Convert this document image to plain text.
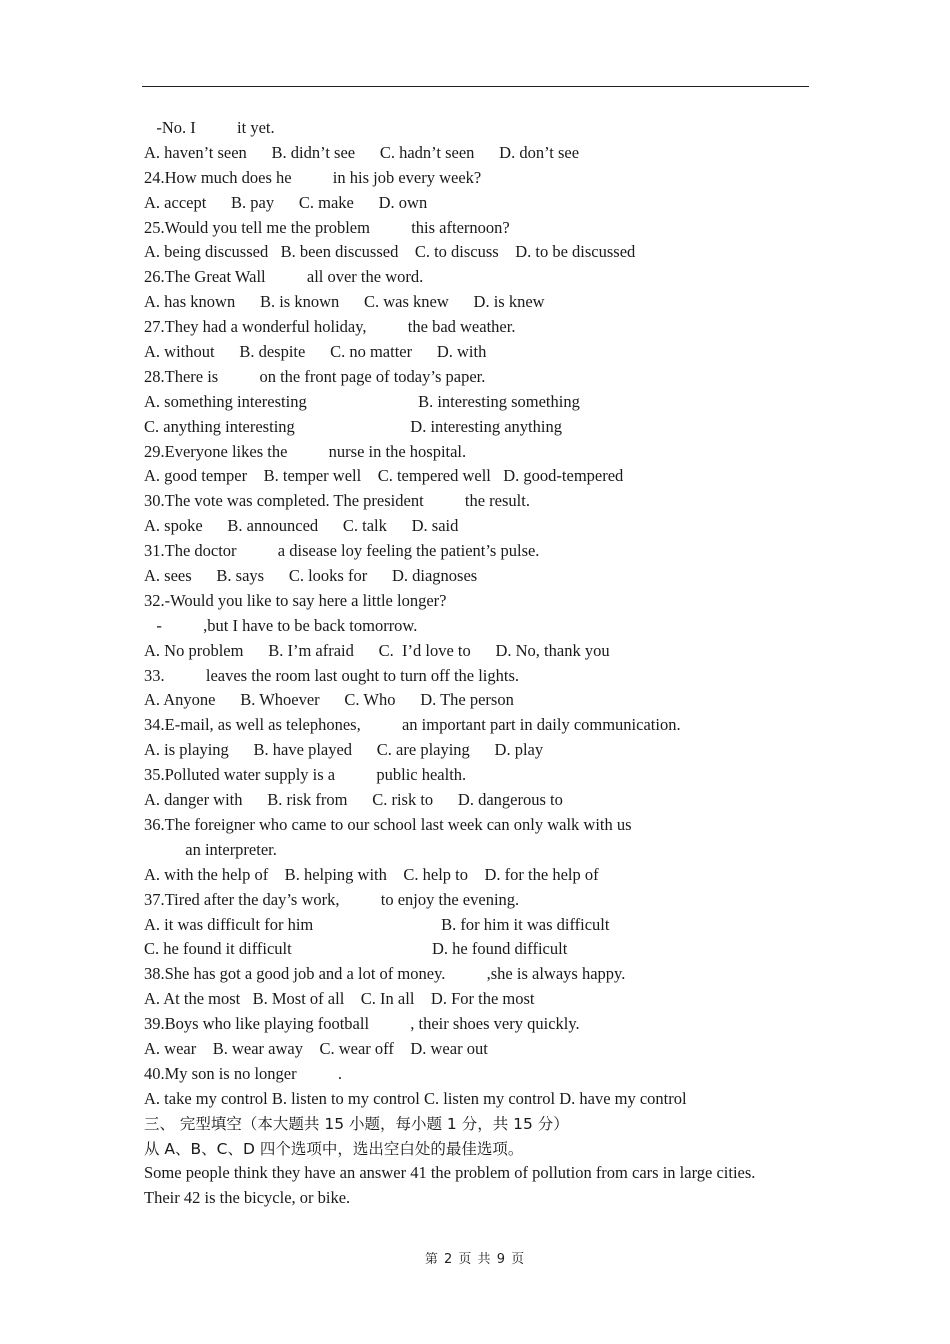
-No. I          it yet.
A. haven’t seen      B. didn’t see      C. hadn’t seen      D. don’t see
24.How much does he          in his job every week?
A. accept      B. pay      C. make      D. own
25.Would you tell me the problem          this afternoon?
A. being discussed   B. been discussed    C. to discuss    D. to be discussed
26.The Great Wall          all over the word.
A. has known      B. is known      C. was knew      D. is knew
27.They had a wonderful holiday,          the bad weather.
A. without      B. despite      C. no matter      D. with
28.There is          on the front page of today’s paper.
A. something interesting                           B. interesting something
C. anything interesting                            D. interesting anything
29.Everyone likes the          nurse in the hospital.
A. good temper    B. temper well    C. tempered well   D. good-tempered
30.The vote was completed. The president          the result.
A. spoke      B. announced      C. talk      D. said
31.The doctor          a disease loy feeling the patient’s pulse.
A. sees      B. says      C. looks for      D. diagnoses
32.-Would you like to say here a little longer?
-          ,but I have to be back tomorrow.
A. No problem      B. I’m afraid      C.  I’d love to      D. No, thank you
33.          leaves the room last ought to turn off the lights.
A. Anyone      B. Whoever      C. Who      D. The person
34.E-mail, as well as telephones,          an important part in daily communication.
A. is playing      B. have played      C. are playing      D. play
35.Polluted water supply is a          public health.
A. danger with      B. risk from      C. risk to      D. dangerous to
36.The foreigner who came to our school last week can only walk with us
an interpreter.
A. with the help of    B. helping with    C. help to    D. for the help of
37.Tired after the day’s work,          to enjoy the evening.
A. it was difficult for him                               B. for him it was difficult
C. he found it difficult                                  D. he found difficult
38.She has got a good job and a lot of money.          ,she is always happy.
A. At the most   B. Most of all    C. In all    D. For the most
39.Boys who like playing football          , their shoes very quickly.
A. wear    B. wear away    C. wear off    D. wear out
40.My son is no longer          .
A. take my control B. listen to my control C. listen my control D. have my control
三、 完型填空（本大题共 15 小题，每小题 1 分，共 15 分）
从 A、B、C、D 四个选项中，选出空白处的最佳选项。
Some people think they have an answer 41 the problem of pollution from cars in large cities.
Their 42 is the bicycle, or bike.
第 2 页 共 9 页
